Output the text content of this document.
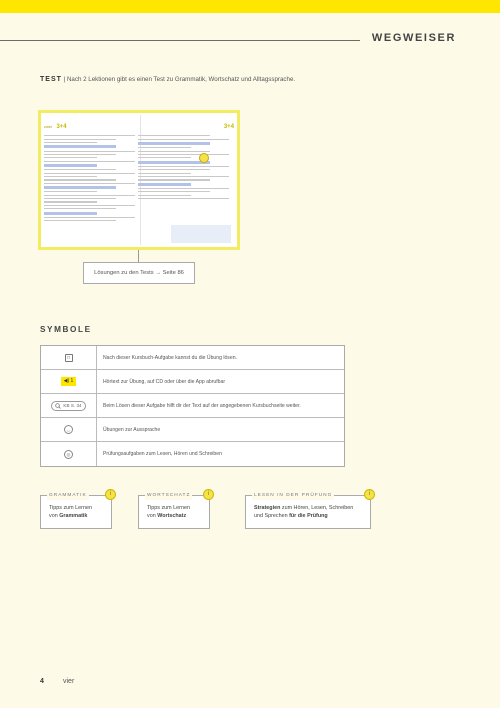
WEGWEISER
TEST | Nach 2 Lektionen gibt es einen Test zu Grammatik, Wortschatz und Alltagssprache.
zwei 3+4	3+4
Lösungen zu den Tests → Seite 86
SYMBOLE
□	Nach dieser Kursbuch-Aufgabe kannst du die Übung lösen.
◀) 1	Hörtext zur Übung, auf CD oder über die App abrufbar
KB S. 34	Beim Lösen dieser Aufgabe hilft dir der Text auf der angegebenen Kursbuchseite weiter.
◡	Übungen zur Aussprache
◎	Prüfungsaufgaben zum Lesen, Hören und Schreiben
GRAMMATIK	i
Tipps zum Lernen
von Grammatik
WORTSCHATZ	i
Tipps zum Lernen
von Wortschatz
LESEN IN DER PRÜFUNG	i
Strategien zum Hören, Lesen, Schreiben
und Sprechen für die Prüfung
4	vier
